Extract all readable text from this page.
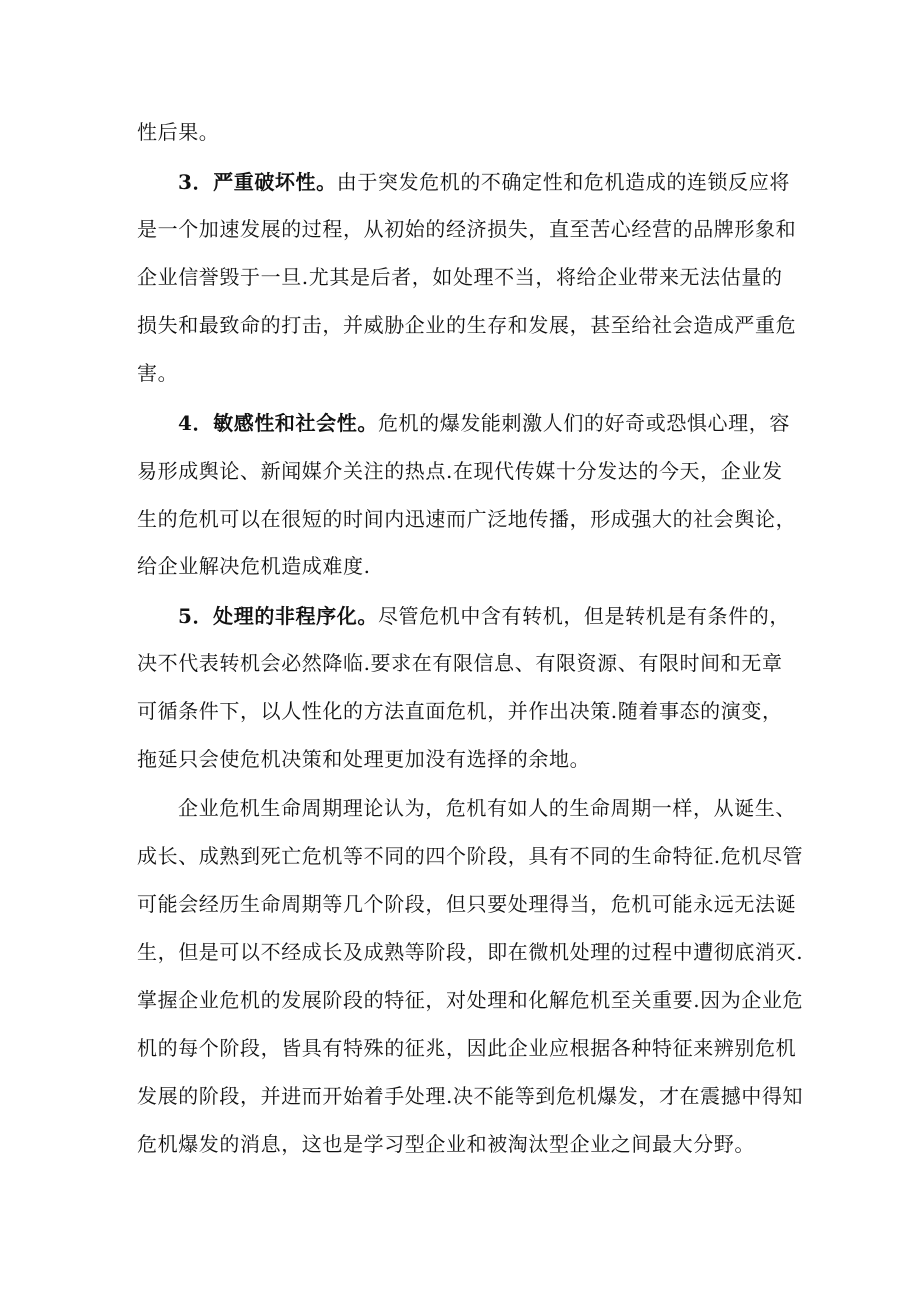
性后果。
3．严重破坏性。由于突发危机的不确定性和危机造成的连锁反应将
是一个加速发展的过程，从初始的经济损失，直至苦心经营的品牌形象和
企业信誉毁于一旦.尤其是后者，如处理不当，将给企业带来无法估量的
损失和最致命的打击，并威胁企业的生存和发展，甚至给社会造成严重危
害。
4．敏感性和社会性。危机的爆发能刺激人们的好奇或恐惧心理，容
易形成舆论、新闻媒介关注的热点.在现代传媒十分发达的今天，企业发
生的危机可以在很短的时间内迅速而广泛地传播，形成强大的社会舆论，
给企业解决危机造成难度.
5．处理的非程序化。尽管危机中含有转机，但是转机是有条件的，
决不代表转机会必然降临.要求在有限信息、有限资源、有限时间和无章
可循条件下，以人性化的方法直面危机，并作出决策.随着事态的演变，
拖延只会使危机决策和处理更加没有选择的余地。
企业危机生命周期理论认为，危机有如人的生命周期一样，从诞生、
成长、成熟到死亡危机等不同的四个阶段，具有不同的生命特征.危机尽管
可能会经历生命周期等几个阶段，但只要处理得当，危机可能永远无法诞
生，但是可以不经成长及成熟等阶段，即在微机处理的过程中遭彻底消灭.
掌握企业危机的发展阶段的特征，对处理和化解危机至关重要.因为企业危
机的每个阶段，皆具有特殊的征兆，因此企业应根据各种特征来辨别危机
发展的阶段，并进而开始着手处理.决不能等到危机爆发，才在震撼中得知
危机爆发的消息，这也是学习型企业和被淘汰型企业之间最大分野。
